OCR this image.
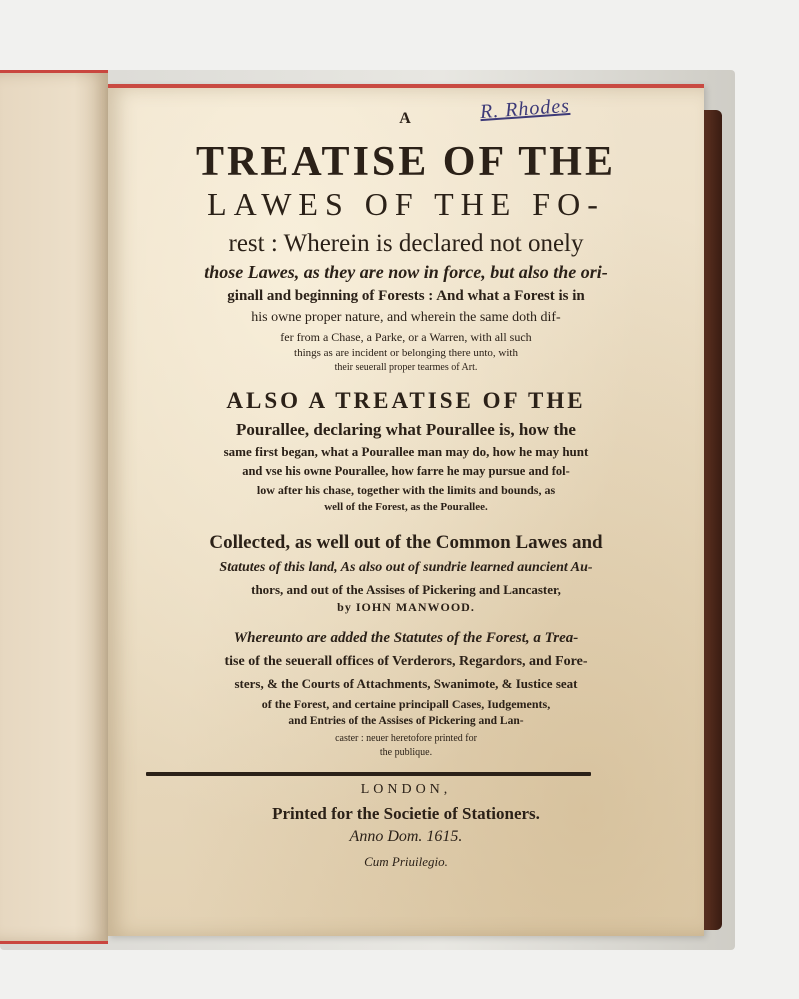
R. Rhodes
A
TREATISE OF THE
LAWES OF THE FO-
rest : Wherein is declared not onely
those Lawes, as they are now in force, but also the ori-
ginall and beginning of Forests : And what a Forest is in
his owne proper nature, and wherein the same doth dif-
fer from a Chase, a Parke, or a Warren, with all such
things as are incident or belonging there unto, with
their seuerall proper tearmes of Art.
ALSO A TREATISE OF THE
Pourallee, declaring what Pourallee is, how the
same first began, what a Pourallee man may do, how he may hunt
and vse his owne Pourallee, how farre he may pursue and fol-
low after his chase, together with the limits and bounds, as
well of the Forest, as the Pourallee.
Collected, as well out of the Common Lawes and
Statutes of this land, As also out of sundrie learned auncient Au-
thors, and out of the Assises of Pickering and Lancaster,
by IOHN MANWOOD.
Whereunto are added the Statutes of the Forest, a Trea-
tise of the seuerall offices of Verderors, Regardors, and Fore-
sters, & the Courts of Attachments, Swanimote, & Iustice seat
of the Forest, and certaine principall Cases, Iudgements,
and Entries of the Assises of Pickering and Lan-
caster : neuer heretofore printed for
the publique.
LONDON,
Printed for the Societie of Stationers.
Anno Dom. 1615.
Cum Priuilegio.
